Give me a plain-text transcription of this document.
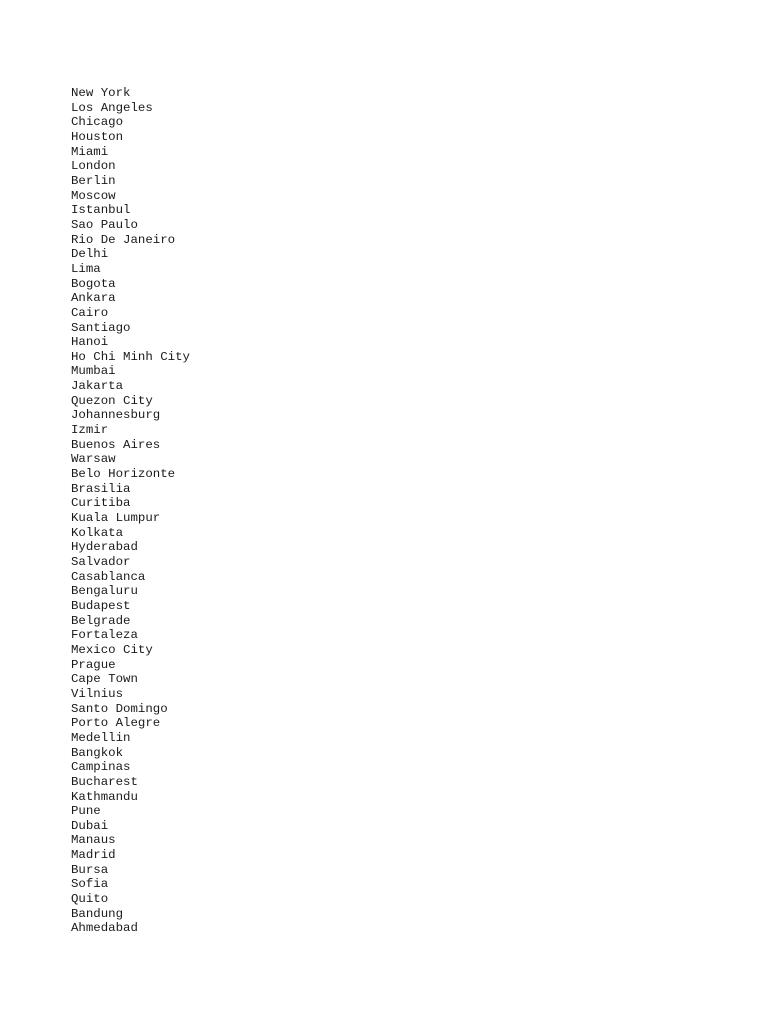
New York
Los Angeles
Chicago
Houston
Miami
London
Berlin
Moscow
Istanbul
Sao Paulo
Rio De Janeiro
Delhi
Lima
Bogota
Ankara
Cairo
Santiago
Hanoi
Ho Chi Minh City
Mumbai
Jakarta
Quezon City
Johannesburg
Izmir
Buenos Aires
Warsaw
Belo Horizonte
Brasilia
Curitiba
Kuala Lumpur
Kolkata
Hyderabad
Salvador
Casablanca
Bengaluru
Budapest
Belgrade
Fortaleza
Mexico City
Prague
Cape Town
Vilnius
Santo Domingo
Porto Alegre
Medellin
Bangkok
Campinas
Bucharest
Kathmandu
Pune
Dubai
Manaus
Madrid
Bursa
Sofia
Quito
Bandung
Ahmedabad
